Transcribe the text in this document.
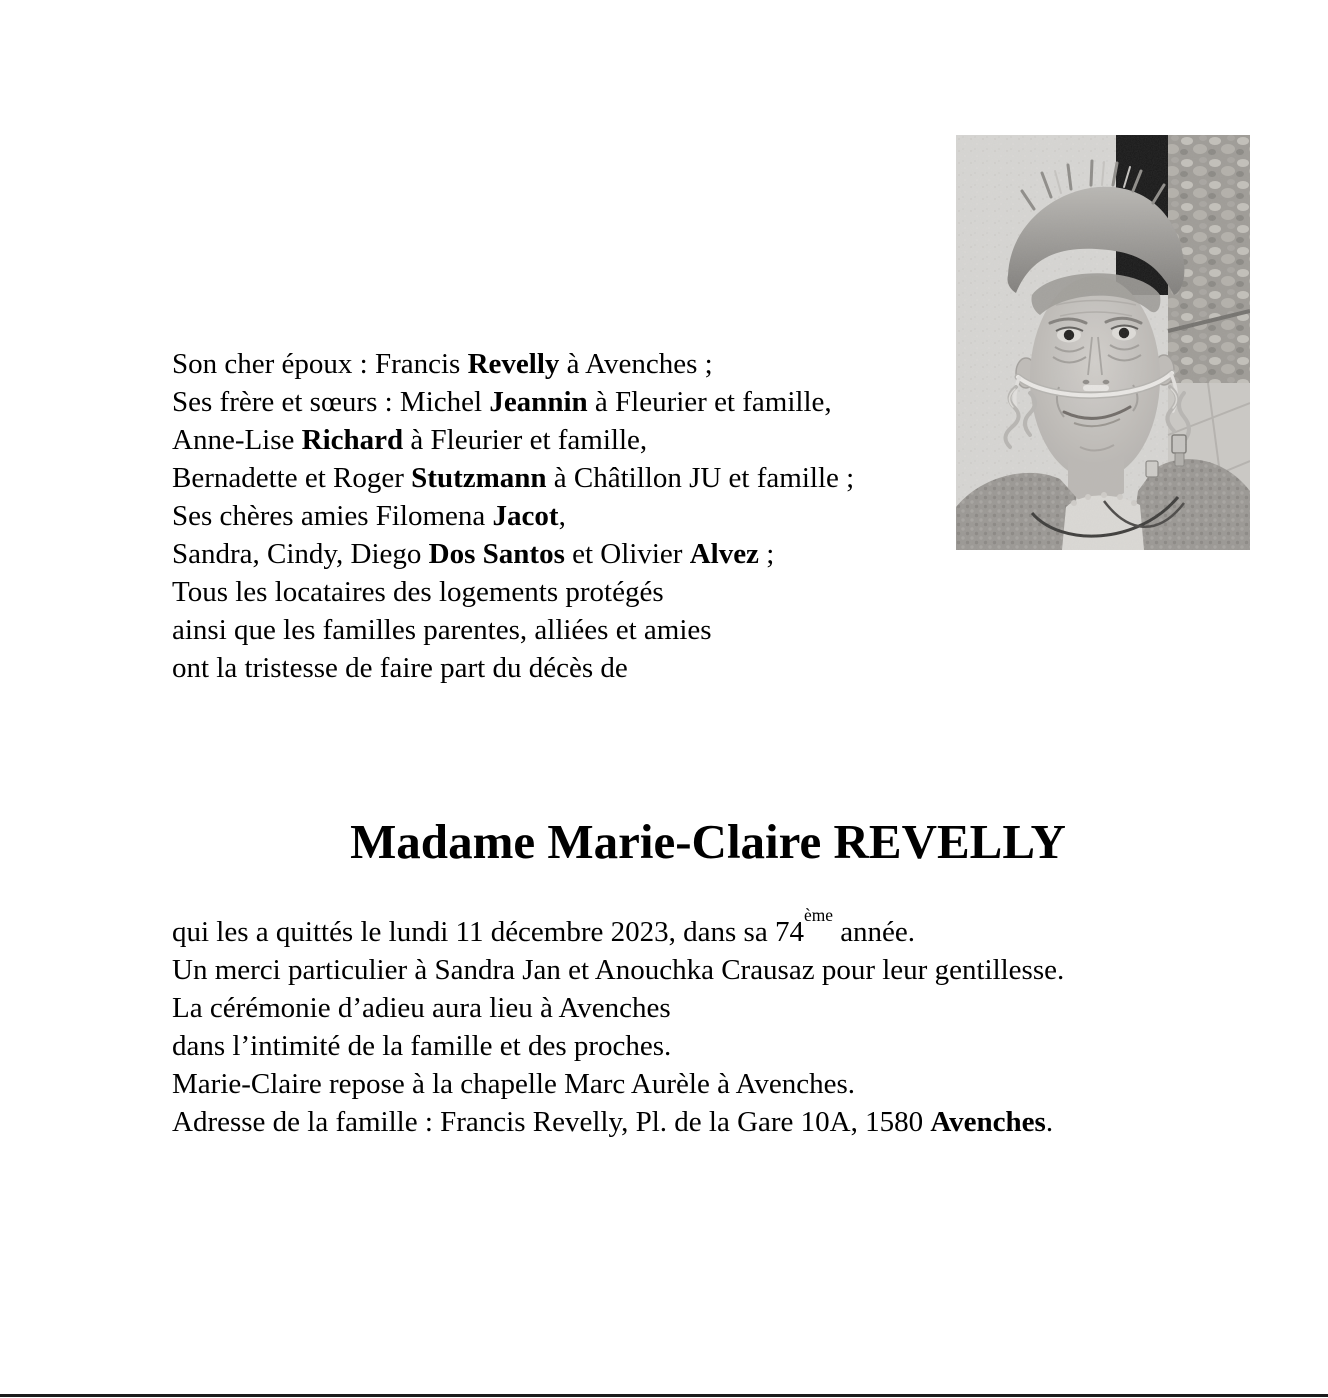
Son cher époux : Francis Revelly à Avenches ;

Ses frère et sœurs : Michel Jeannin à Fleurier et famille,

Anne-Lise Richard à Fleurier et famille,

Bernadette et Roger Stutzmann à Châtillon JU et famille ;

Ses chères amies Filomena Jacot,

Sandra, Cindy, Diego Dos Santos et Olivier Alvez ;

Tous les locataires des logements protégés

ainsi que les familles parentes, alliées et amies

ont la tristesse de faire part du décès de

Madame Marie-Claire REVELLY

qui les a quittés le lundi 11 décembre 2023, dans sa 74ème année.

Un merci particulier à Sandra Jan et Anouchka Crausaz pour leur gentillesse.

La cérémonie d’adieu aura lieu à Avenches

dans l’intimité de la famille et des proches.

Marie-Claire repose à la chapelle Marc Aurèle à Avenches.

Adresse de la famille : Francis Revelly, Pl. de la Gare 10A, 1580 Avenches.
